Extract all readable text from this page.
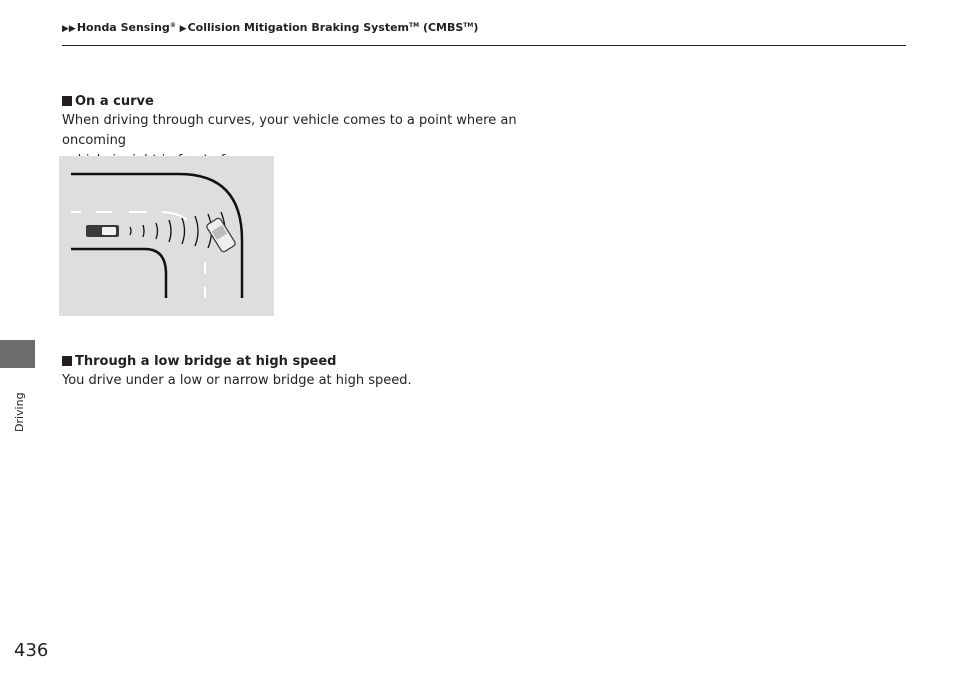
▶▶Honda Sensing® ▶Collision Mitigation Braking System™ (CMBS™)
Driving
On a curve
When driving through curves, your vehicle comes to a point where an oncoming
Through a low bridge at high speed
You drive under a low or narrow bridge at high speed.
436
